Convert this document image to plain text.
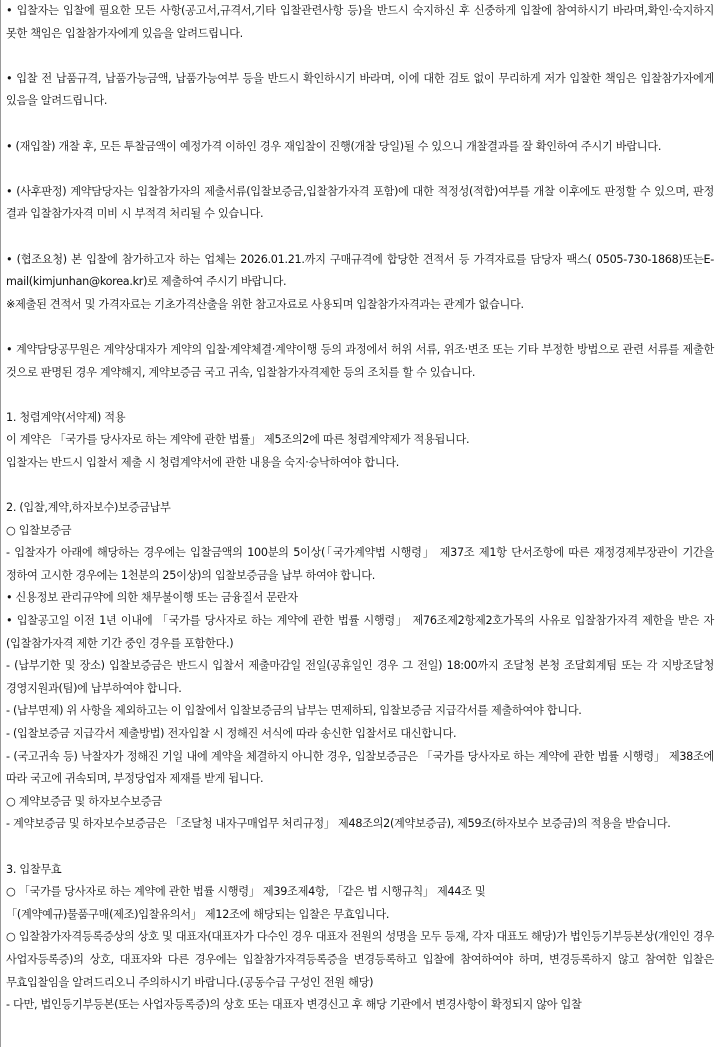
• 입찰자는 입찰에 필요한 모든 사항(공고서,규격서,기타 입찰관련사항 등)을 반드시 숙지하신 후 신중하게 입찰에 참여하시기 바라며,확인·숙지하지 못한 책임은 입찰참가자에게 있음을 알려드립니다.

• 입찰 전 납품규격, 납품가능금액, 납품가능여부 등을 반드시 확인하시기 바라며, 이에 대한 검토 없이 무리하게 저가 입찰한 책임은 입찰참가자에게 있음을 알려드립니다.

• (재입찰) 개찰 후, 모든 투찰금액이 예정가격 이하인 경우 재입찰이 진행(개찰 당일)될 수 있으니 개찰결과를 잘 확인하여 주시기 바랍니다.

• (사후판정) 계약담당자는 입찰참가자의 제출서류(입찰보증금,입찰참가자격 포함)에 대한 적정성(적합)여부를 개찰 이후에도 판정할 수 있으며, 판정 결과 입찰참가자격 미비 시 부적격 처리될 수 있습니다.

• (협조요청) 본 입찰에 참가하고자 하는 업체는 2026.01.21.까지 구매규격에 합당한 견적서 등 가격자료를 담당자 팩스( 0505-730-1868)또는E-mail(kimjunhan@korea.kr)로 제출하여 주시기 바랍니다.

※제출된 견적서 및 가격자료는 기초가격산출을 위한 참고자료로 사용되며 입찰참가자격과는 관계가 없습니다.

• 계약담당공무원은 계약상대자가 계약의 입찰·계약체결·계약이행 등의 과정에서 허위 서류, 위조·변조 또는 기타 부정한 방법으로 관련 서류를 제출한 것으로 판명된 경우 계약해지, 계약보증금 국고 귀속, 입찰참가자격제한 등의 조치를 할 수 있습니다.

1. 청렴계약(서약제) 적용

이 계약은 「국가를 당사자로 하는 계약에 관한 법률」 제5조의2에 따른 청렴계약제가 적용됩니다.

입찰자는 반드시 입찰서 제출 시 청렴계약서에 관한 내용을 숙지·승낙하여야 합니다.

2. (입찰,계약,하자보수)보증금납부

○ 입찰보증금

- 입찰자가 아래에 해당하는 경우에는 입찰금액의 100분의 5이상(「국가계약법 시행령」 제37조 제1항 단서조항에 따른 재정경제부장관이 기간을 정하여 고시한 경우에는 1천분의 25이상)의 입찰보증금을 납부 하여야 합니다.

• 신용정보 관리규약에 의한 채무불이행 또는 금융질서 문란자

• 입찰공고일 이전 1년 이내에 「국가를 당사자로 하는 계약에 관한 법률 시행령」 제76조제2항제2호가목의 사유로 입찰참가자격 제한을 받은 자(입찰참가자격 제한 기간 중인 경우를 포함한다.)

- (납부기한 및 장소) 입찰보증금은 반드시 입찰서 제출마감일 전일(공휴일인 경우 그 전일) 18:00까지 조달청 본청 조달회계팀 또는 각 지방조달청 경영지원과(팀)에 납부하여야 합니다.

- (납부면제) 위 사항을 제외하고는 이 입찰에서 입찰보증금의 납부는 면제하되, 입찰보증금 지급각서를 제출하여야 합니다.

- (입찰보증금 지급각서 제출방법) 전자입찰 시 정해진 서식에 따라 송신한 입찰서로 대신합니다.

- (국고귀속 등) 낙찰자가 정해진 기일 내에 계약을 체결하지 아니한 경우, 입찰보증금은 「국가를 당사자로 하는 계약에 관한 법률 시행령」 제38조에 따라 국고에 귀속되며, 부정당업자 제재를 받게 됩니다.

○ 계약보증금 및 하자보수보증금

- 계약보증금 및 하자보수보증금은 「조달청 내자구매업무 처리규정」 제48조의2(계약보증금), 제59조(하자보수 보증금)의 적용을 받습니다.

3. 입찰무효

○ 「국가를 당사자로 하는 계약에 관한 법률 시행령」 제39조제4항, 「같은 법 시행규칙」 제44조 및

「(계약예규)물품구매(제조)입찰유의서」 제12조에 해당되는 입찰은 무효입니다.

○ 입찰참가자격등록증상의 상호 및 대표자(대표자가 다수인 경우 대표자 전원의 성명을 모두 등재, 각자 대표도 해당)가 법인등기부등본상(개인인 경우 사업자등록증)의 상호, 대표자와 다른 경우에는 입찰참가자격등록증을 변경등록하고 입찰에 참여하여야 하며, 변경등록하지 않고 참여한 입찰은 무효입찰임을 알려드리오니 주의하시기 바랍니다.(공동수급 구성인 전원 해당)

- 다만, 법인등기부등본(또는 사업자등록증)의 상호 또는 대표자 변경신고 후 해당 기관에서 변경사항이 확정되지 않아 입찰
